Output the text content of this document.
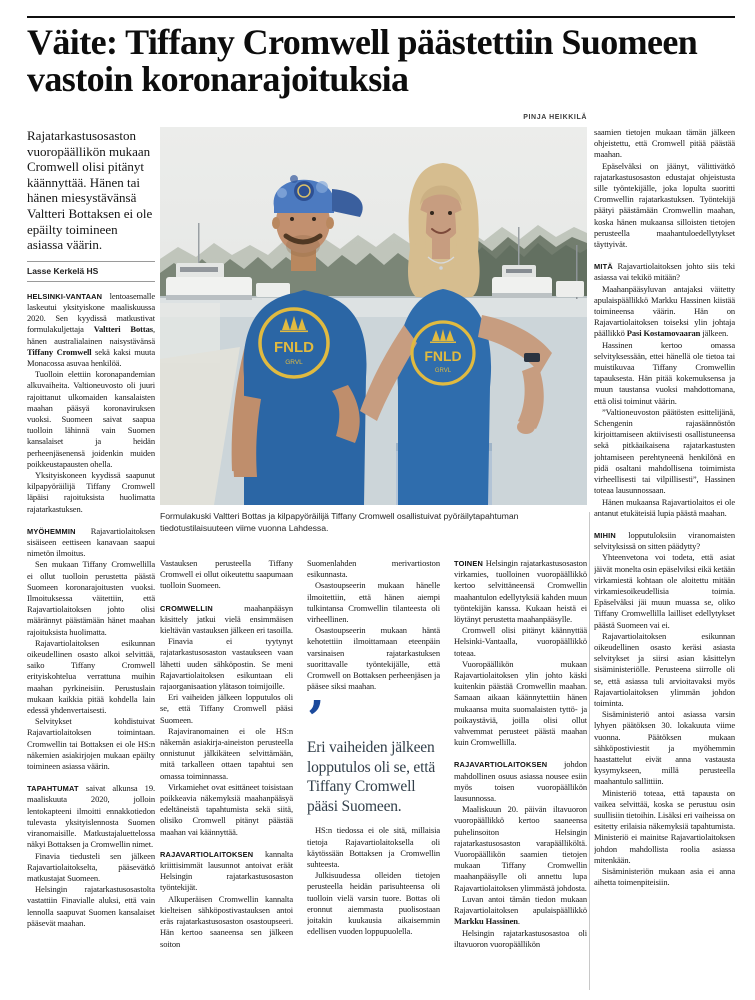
Väite: Tiffany Cromwell päästettiin Suomeen vastoin koronarajoituksia
PINJA HEIKKILÄ

Rajatarkastusosaston vuoropäällikön mukaan Cromwell olisi pitänyt käännyttää. Hänen tai hänen miesystävänsä Valtteri Bottaksen ei ole epäilty toimineen asiassa väärin.

Lasse Kerkelä HS

HELSINKI-VANTAAN lentoasemalle laskeutui yksityiskone maaliskuussa 2020. Sen kyydissä matkustivat formulakuljettaja Valtteri Bottas, hänen australialainen naisystävänsä Tiffany Cromwell sekä kaksi muuta Monacossa asuvaa henkilöä.

Tuolloin elettiin koronapandemian alkuvaiheita. Valtioneuvosto oli juuri rajoittanut ulkomaiden kansalaisten maahan pääsyä koronaviruksen vuoksi. Suomeen saivat saapua tuolloin lähinnä vain Suomen kansalaiset ja heidän perheenjäsenensä joidenkin muiden poikkeustapausten ohella.

Yksityiskoneen kyydissä saapunut kilpapyöräilijä Tiffany Cromwell läpäisi rajoituksista huolimatta rajatarkastuksen.

MYÖHEMMIN Rajavartiolaitoksen sisäiseen eettiseen kanavaan saapui nimetön ilmoitus.

Sen mukaan Tiffany Cromwellilla ei ollut tuolloin perustetta päästä Suomeen koronarajoitusten vuoksi. Ilmoituksessa väitettiin, että Rajavartiolaitoksen johto olisi määrännyt päästämään hänet maahan rajoituksista huolimatta.

Rajavartiolaitoksen esikunnan oikeudellinen osasto alkoi selvittää, saiko Tiffany Cromwell erityiskohtelua verrattuna muihin maahan pyrkineisiin. Perustuslain mukaan kaikkia pitää kohdella lain edessä yhdenvertaisesti.

Selvitykset kohdistuivat Rajavartiolaitoksen toimintaan. Cromwellin tai Bottaksen ei ole HS:n näkemien asiakirjojen mukaan epäilty toimineen asiassa väärin.

TAPAHTUMAT saivat alkunsa 19. maaliskuuta 2020, jolloin lentokapteeni ilmoitti ennakkotiedon tulevasta yksityislennosta Suomen viranomaisille. Matkustajaluettelossa näkyi Bottaksen ja Cromwellin nimet.

Finavia tiedusteli sen jälkeen Rajavartiolaitokselta, pääsevätkö matkustajat Suomeen.

Helsingin rajatarkastusosastolta vastattiin Finavialle aluksi, että vain lennolla saapuvat Suomen kansalaiset pääsevät maahan.

FNLD
GRVL	FNLD
GRVL
Formulakuski Valtteri Bottas ja kilpapyöräilijä Tiffany Cromwell osallistuivat pyöräilytapahtuman tiedotustilaisuuteen viime vuonna Lahdessa.

Vastauksen perusteella Tiffany Cromwell ei ollut oikeutettu saapumaan tuolloin Suomeen.

CROMWELLIN maahanpääsyn käsittely jatkui vielä ensimmäisen kieltävän vastauksen jälkeen eri tasoilla.

Finavia ei tyytynyt rajatarkastusosaston vastaukseen vaan lähetti uuden sähköpostin. Se meni Rajavartiolaitoksen esikuntaan eli rajaorganisaation ylätason toimijoille.

Eri vaiheiden jälkeen lopputulos oli se, että Tiffany Cromwell pääsi Suomeen.

Rajaviranomainen ei ole HS:n näkemän asiakirja-aineiston perusteella onnistunut jälkikäteen selvittämään, mitä tarkalleen ottaen tapahtui sen omassa toiminnassa.

Virkamiehet ovat esittäneet toisistaan poikkeavia näkemyksiä maahanpääsyä edeltäneistä tapahtumista sekä siitä, olisiko Cromwell pitänyt päästää maahan vai käännyttää.

RAJAVARTIOLAITOKSEN kannalta kriittisimmät lausunnot antoivat eräät Helsingin rajatarkastusosaston työntekijät.

Alkuperäisen Cromwellin kannalta kielteisen sähköpostivastauksen antoi eräs rajatarkastusosaston osastoupseeri. Hän kertoo saaneensa sen jälkeen soiton

Suomenlahden merivartioston esikunnasta.

Osastoupseerin mukaan hänelle ilmoitettiin, että hänen aiempi tulkintansa Cromwellin tilanteesta oli virheellinen.

Osastoupseerin mukaan häntä kehotettiin ilmoittamaan eteenpäin varsinaisen rajatarkastuksen suorittavalle työntekijälle, että Cromwell on Bottaksen perheenjäsen ja pääsee siksi maahan.

’
Eri vaiheiden jälkeen lopputulos oli se, että Tiffany Cromwell pääsi Suomeen.

HS:n tiedossa ei ole sitä, millaisia tietoja Rajavartiolaitoksella oli käytössään Bottaksen ja Cromwellin suhteesta.

Julkisuudessa olleiden tietojen perusteella heidän parisuhteensa oli tuolloin vielä varsin tuore. Bottas oli eronnut aiemmasta puolisostaan joitakin kuukausia aikaisemmin edellisen vuoden loppupuolella.

TOINEN Helsingin rajatarkastusosaston virkamies, tuolloinen vuoropäällikkö kertoo selvittäneensä Cromwellin maahantulon edellytyksiä kahden muun työntekijän kanssa. Kukaan heistä ei löytänyt perustetta maahanpääsylle.

Cromwell olisi pitänyt käännyttää Helsinki-Vantaalla, vuoropäällikkö toteaa.

Vuoropäällikön mukaan Rajavartiolaitoksen ylin johto käski kuitenkin päästää Cromwellin maahan. Samaan aikaan käännytettiin hänen mukaansa muita suomalaisten tyttö- ja poikaystäviä, joilla olisi ollut vahvemmat perusteet päästä maahan kuin Cromwellilla.

RAJAVARTIOLAITOKSEN johdon mahdollinen osuus asiassa nousee esiin myös toisen vuoropäällikön lausunnossa.

Maaliskuun 20. päivän iltavuoron vuoropäällikkö kertoo saaneensa puhelinsoiton Helsingin rajatarkastusosaston varapäälliköltä. Vuoropäällikön saamien tietojen mukaan Tiffany Cromwellin maahanpääsylle oli annettu lupa Rajavartiolaitoksen ylimmästä johdosta.

Luvan antoi tämän tiedon mukaan Rajavartiolaitoksen apulaispäällikkö Markku Hassinen.

Helsingin rajatarkastusosastoa oli iltavuoron vuoropäällikön

saamien tietojen mukaan tämän jälkeen ohjeistettu, että Cromwell pitää päästää maahan.

Epäselväksi on jäänyt, välittivätkö rajatarkastusosaston edustajat ohjeistusta sille työntekijälle, joka lopulta suoritti Cromwellin rajatarkastuksen. Työntekijä päätyi päästämään Cromwellin maahan, koska hänen mukaansa silloisten tietojen perusteella maahantuloedellytykset täyttyivät.

MITÄ Rajavartiolaitoksen johto siis teki asiassa vai tekikö mitään?

Maahanpääsyluvan antajaksi väitetty apulaispäällikkö Markku Hassinen kiistää toimineensa väärin. Hän on Rajavartiolaitoksen toiseksi ylin johtaja päällikkö Pasi Kostamovaaran jälkeen.

Hassinen kertoo omassa selvityksessään, ettei hänellä ole tietoa tai muistikuvaa Tiffany Cromwellin tapauksesta. Hän pitää kokemuksensa ja muun taustansa vuoksi mahdottomana, että olisi toiminut väärin.

”Valtioneuvoston päätösten esittelijänä, Schengenin rajasäännöstön kirjoittamiseen aktiivisesti osallistuneensa sekä pitkäaikaisena rajatarkastusten johtamiseen perehtyneenä henkilönä en pidä osaltani mahdollisena toimimista virheellisesti tai vilpillisesti”, Hassinen toteaa lausunnossaan.

Hänen mukaansa Rajavartiolaitos ei ole antanut etukäteisiä lupia päästä maahan.

MIHIN lopputuloksiin viranomaisten selvityksissä on sitten päädytty?

Yhteenvetona voi todeta, että asiat jäivät monelta osin epäselviksi eikä ketään virkamiestä kohtaan ole aloitettu mitään virkamiesoikeudellisia toimia. Epäselväksi jäi muun muassa se, oliko Tiffany Cromwellilla lailliset edellytykset päästä Suomeen vai ei.

Rajavartiolaitoksen esikunnan oikeudellinen osasto keräsi asiasta selvitykset ja siirsi asian käsittelyn sisäministeriölle. Perusteena siirrolle oli se, että asiassa tuli arvioitavaksi myös Rajavartiolaitoksen ylimmän johdon toiminta.

Sisäministeriö antoi asiassa varsin lyhyen päätöksen 30. lokakuuta viime vuonna. Päätöksen mukaan sähköpostiviestit ja myöhemmin haastattelut eivät anna vastausta kysymykseen, millä perusteella maahantulo sallittiin.

Ministeriö toteaa, että tapausta on vaikea selvittää, koska se perustuu osin suullisiin tietoihin. Lisäksi eri vaiheissa on esitetty erilaisia näkemyksiä tapahtumista. Ministeriö ei mainitse Rajavartiolaitoksen johdon mahdollista roolia asiassa mitenkään.

Sisäministeriön mukaan asia ei anna aihetta toimenpiteisiin.
